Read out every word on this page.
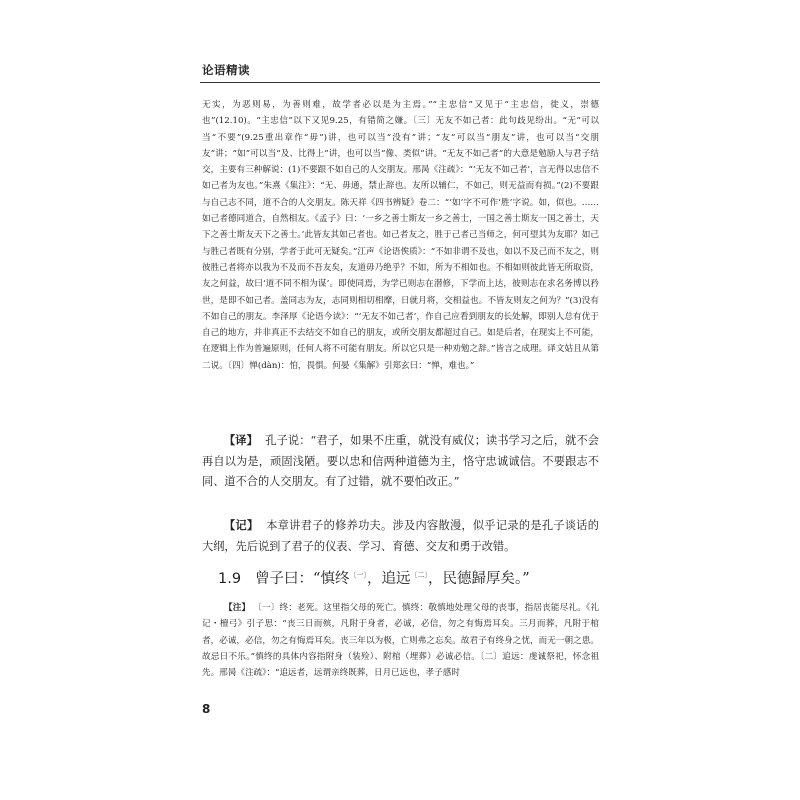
论语精读
无实，为恶则易，为善则难，故学者必以是为主焉。”“主忠信”又见于“主忠信，徙义，崇德也”(12.10)。“主忠信”以下又见9.25，有错简之嫌。〔三〕无友不如己者：此句歧见纷出。“无”可以当“不要”(9.25重出章作“毋”)讲，也可以当“没有”讲；“友”可以当“朋友”讲，也可以当“交朋友”讲；“如”可以当“及、比得上”讲，也可以当“像、类似”讲。“无友不如己者”的大意是勉励人与君子结交，主要有三种解说：(1)不要跟不如自己的人交朋友。邢昺《注疏》：“‘无友不如己者’，言无得以忠信不如己者为友也。”朱熹《集注》：“无、毋通，禁止辞也。友所以辅仁，不如己，则无益而有损。”(2)不要跟与自己志不同，道不合的人交朋友。陈天祥《四书辨疑》卷二：“‘如’字不可作‘胜’字说。如，似也。……如己者德同道合，自然相友。《孟子》曰：‘一乡之善士斯友一乡之善士，一国之善士斯友一国之善士，天下之善士斯友天下之善士。’此皆友其如己者也。如己者友之，胜于己者己当师之，何可望其为友耶？如己与胜己者既有分别，学者于此可无疑矣。”江声《论语俟质》：“不如非谓不及也，如以不及己而不友之，则彼胜己者将亦以我为不及而不吾友矣，友道毋乃绝乎？不如，所为不相如也。不相如则彼此皆无所取资，友之何益，故曰‘道不同不相为谋’。即使同焉，为学已则志在潜修，下学而上达，彼则志在求名务博以矜世，是即不如己者。盖同志为友，志同则相切相摩，日就月将，交相益也。不皆友则友之何为？”(3)没有不如自己的朋友。李泽厚《论语今读》：“‘无友不如己者’，作自己应看到朋友的长处解，即别人总有优于自己的地方，并非真正不去结交不如自己的朋友，或所交朋友都超过自己。如是后者，在现实上不可能，在逻辑上作为普遍原则，任何人将不可能有朋友。所以它只是一种劝勉之辞。”皆言之成理。译文姑且从第二说。〔四〕惮(dàn)：怕，畏惧。何晏《集解》引郑玄曰：“惮，难也。”

【译】 孔子说：“君子，如果不庄重，就没有威仪；读书学习之后，就不会再自以为是，顽固浅陋。要以忠和信两种道德为主，恪守忠诚诚信。不要跟志不同、道不合的人交朋友。有了过错，就不要怕改正。”

【记】 本章讲君子的修养功夫。涉及内容散漫，似乎记录的是孔子谈话的大纲，先后说到了君子的仪表、学习、育德、交友和勇于改错。

1.9 曾子曰：“慎终$^{〔一〕}$，追远$^{〔二〕}$，民德歸厚矣。”

【注】 〔一〕终：老死。这里指父母的死亡。慎终：敬慎地处理父母的丧事，指居丧能尽礼。《礼记・檀弓》引子思：“丧三日而殡，凡附于身者，必诚，必信，勿之有悔焉耳矣。三月而葬，凡附于棺者，必诚，必信，勿之有悔焉耳矣。丧三年以为极，亡则弗之忘矣。故君子有终身之忧，而无一朝之患。故忌日不乐。”慎终的具体内容指附身（装殓）、附棺（埋葬）必诚必信。〔二〕追远：虔诚祭祀，怀念祖先。邢昺《注疏》：“追远者，远谓亲终既葬，日月已远也，孝子感时

8
